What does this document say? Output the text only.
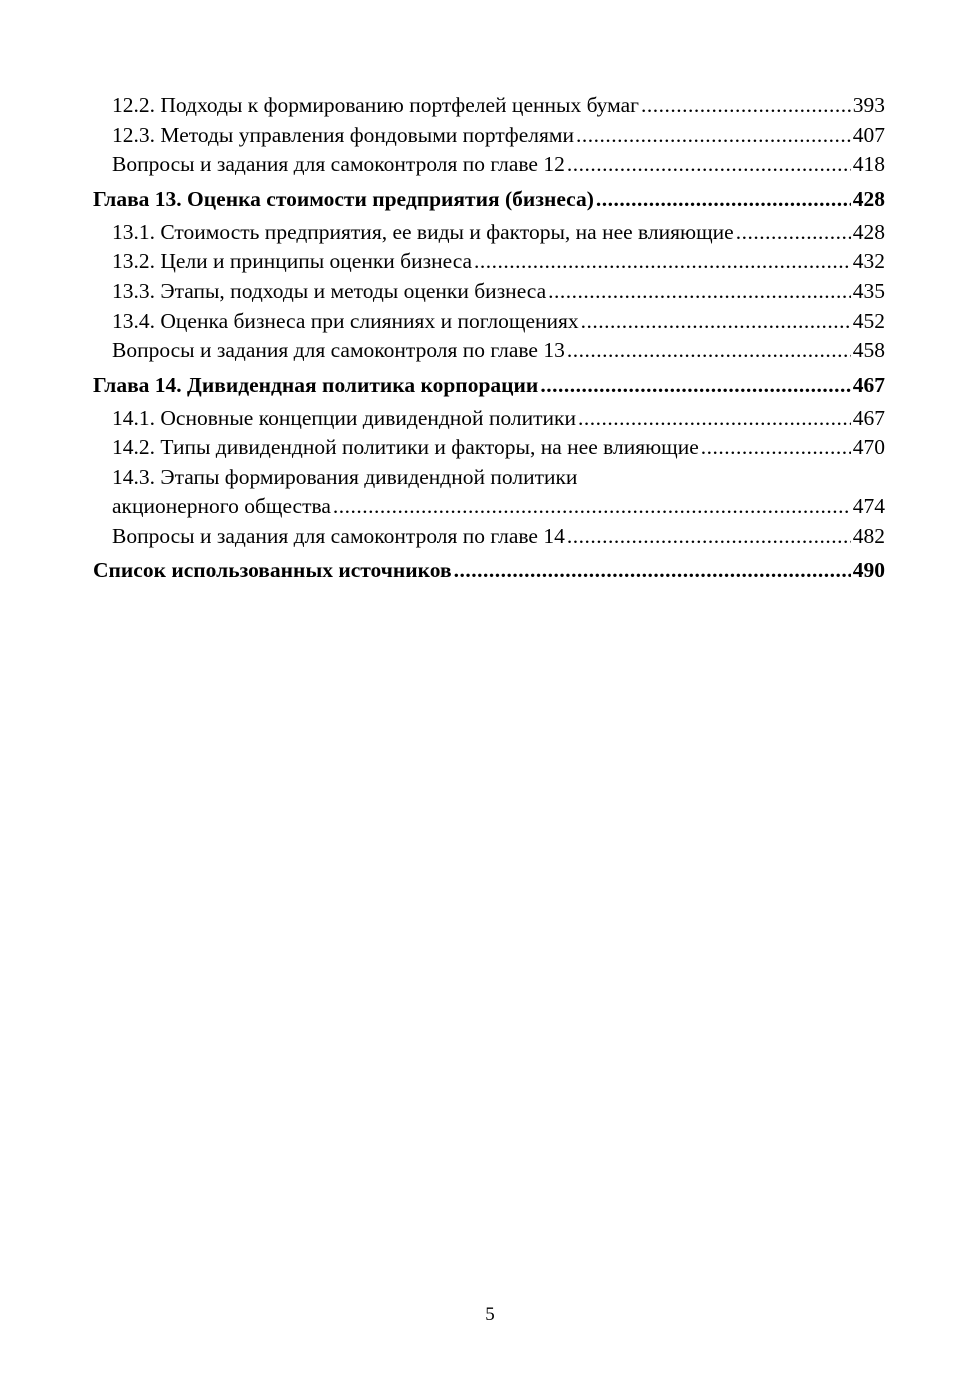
12.2. Подходы к формированию портфелей ценных бумаг .....	393
12.3. Методы управления фондовыми портфелями .....	407
Вопросы и задания для самоконтроля по главе 12 .....	418
Глава 13. Оценка стоимости предприятия (бизнеса) .....	428
13.1. Стоимость предприятия, ее виды и факторы, на нее влияющие .....	428
13.2. Цели и принципы оценки бизнеса .....	432
13.3. Этапы, подходы и методы оценки бизнеса .....	435
13.4. Оценка бизнеса при слияниях и поглощениях .....	452
Вопросы и задания для самоконтроля по главе 13 .....	458
Глава 14. Дивидендная политика корпорации .....	467
14.1. Основные концепции дивидендной политики .....	467
14.2. Типы дивидендной политики и факторы, на нее влияющие .....	470
14.3. Этапы формирования дивидендной политики
акционерного общества .....	474
Вопросы и задания для самоконтроля по главе 14 .....	482
Список использованных источников .....	490
5
